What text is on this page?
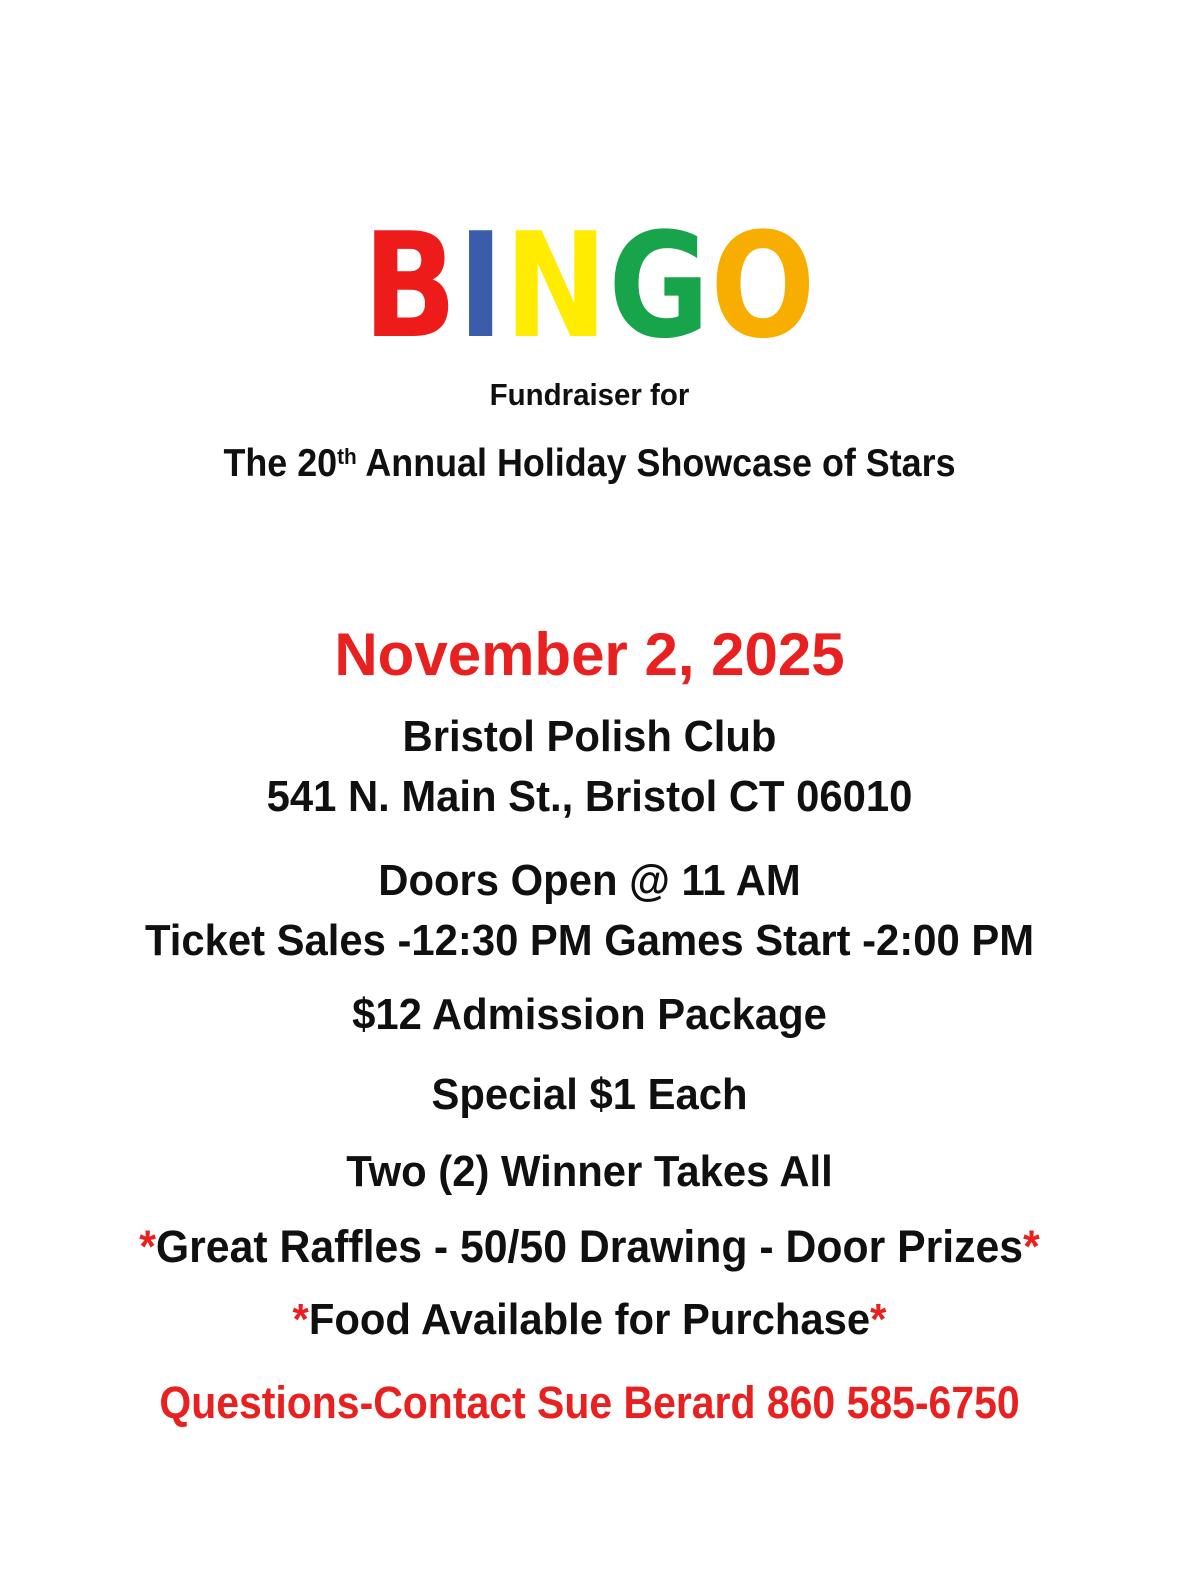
BINGO
Fundraiser for
The 20th Annual Holiday Showcase of Stars
November 2, 2025
Bristol Polish Club
541 N. Main St., Bristol CT 06010
Doors Open @ 11 AM
Ticket Sales -12:30 PM Games Start -2:00 PM
$12 Admission Package
Special $1 Each
Two (2) Winner Takes All
*Great Raffles - 50/50 Drawing - Door Prizes*
*Food Available for Purchase*
Questions-Contact Sue Berard 860 585-6750
